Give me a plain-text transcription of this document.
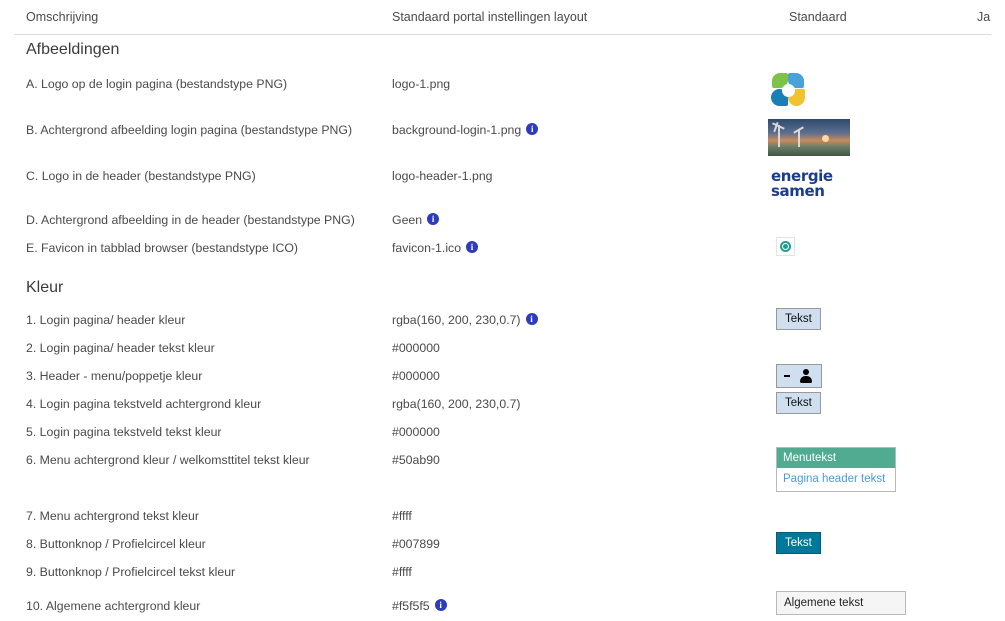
Omschrijving	Standaard portal instellingen layout	Standaard	Ja
Afbeeldingen
A. Logo op de login pagina (bestandstype PNG)	logo-1.png
B. Achtergrond afbeelding login pagina (bestandstype PNG)	background-login-1.png i
C. Logo in de header (bestandstype PNG)	logo-header-1.png	energie
samen
D. Achtergrond afbeelding in de header (bestandstype PNG)	Geen i
E. Favicon in tabblad browser (bestandstype ICO)	favicon-1.ico i
Kleur
1. Login pagina/ header kleur	rgba(160, 200, 230,0.7) i	Tekst
2. Login pagina/ header tekst kleur	#000000
3. Header - menu/poppetje kleur	#000000
4. Login pagina tekstveld achtergrond kleur	rgba(160, 200, 230,0.7)	Tekst
5. Login pagina tekstveld tekst kleur	#000000
6. Menu achtergrond kleur / welkomsttitel tekst kleur	#50ab90	Menutekst
Pagina header tekst
7. Menu achtergrond tekst kleur	#ffff
8. Buttonknop / Profielcircel kleur	#007899	Tekst
9. Buttonknop / Profielcircel tekst kleur	#ffff
10. Algemene achtergrond kleur	#f5f5f5 i	Algemene tekst
